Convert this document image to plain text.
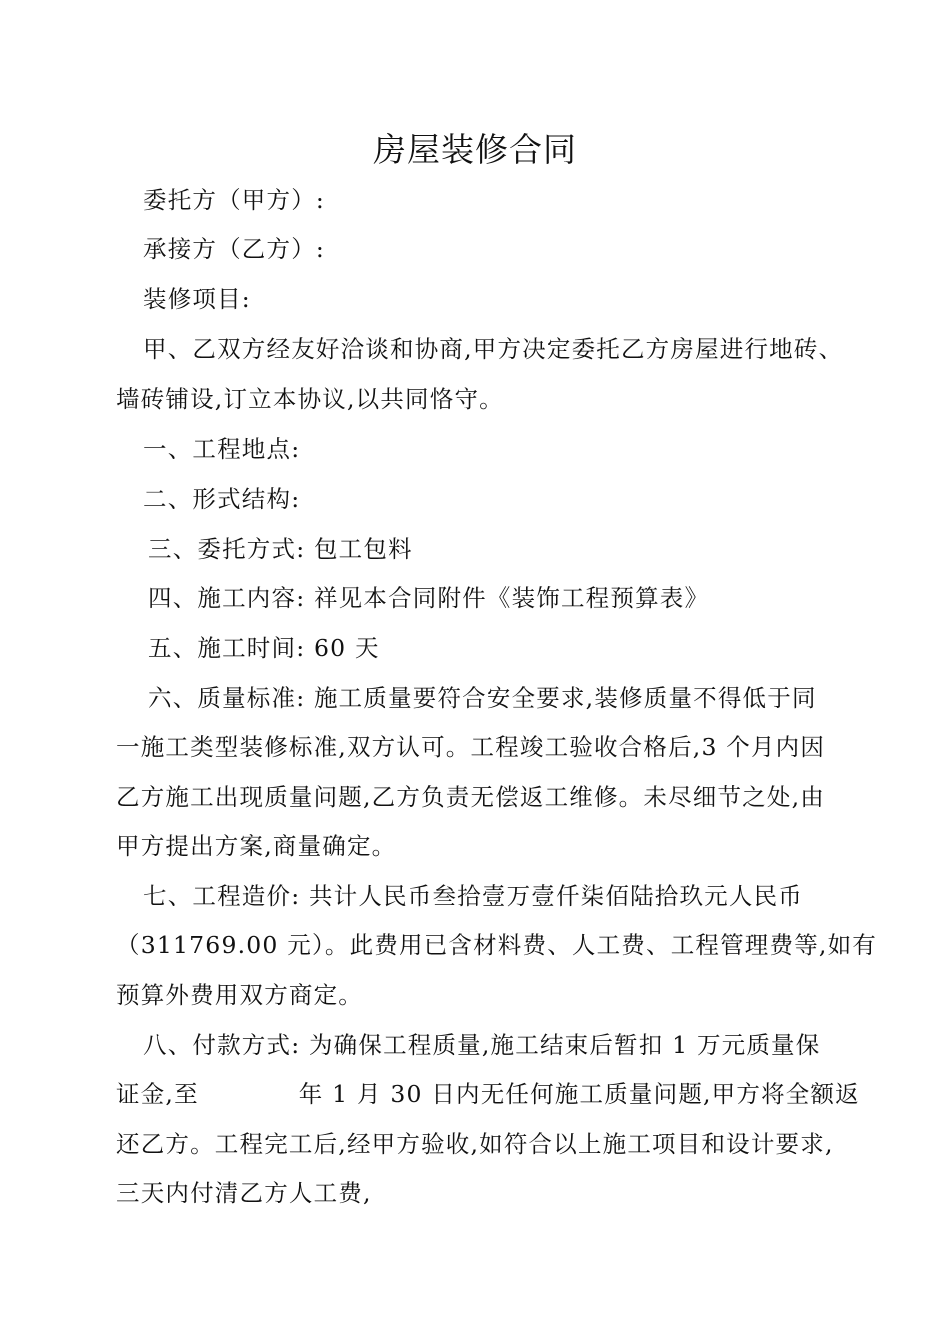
房屋装修合同
委托方（甲方）:
承接方（乙方）:
装修项目:
甲、乙双方经友好洽谈和协商,甲方决定委托乙方房屋进行地砖、
墙砖铺设,订立本协议,以共同恪守。
一、工程地点:
二、形式结构:
三、委托方式: 包工包料
四、施工内容: 祥见本合同附件《装饰工程预算表》
五、施工时间: 60 天
六、质量标准: 施工质量要符合安全要求,装修质量不得低于同
一施工类型装修标准,双方认可。工程竣工验收合格后,3 个月内因
乙方施工出现质量问题,乙方负责无偿返工维修。未尽细节之处,由
甲方提出方案,商量确定。
七、工程造价: 共计人民币叁拾壹万壹仟柒佰陆拾玖元人民币
（311769.00 元）。此费用已含材料费、人工费、工程管理费等,如有
预算外费用双方商定。
八、付款方式: 为确保工程质量,施工结束后暂扣 1 万元质量保
证金,至	年 1 月 30 日内无任何施工质量问题,甲方将全额返
还乙方。工程完工后,经甲方验收,如符合以上施工项目和设计要求,
三天内付清乙方人工费,
